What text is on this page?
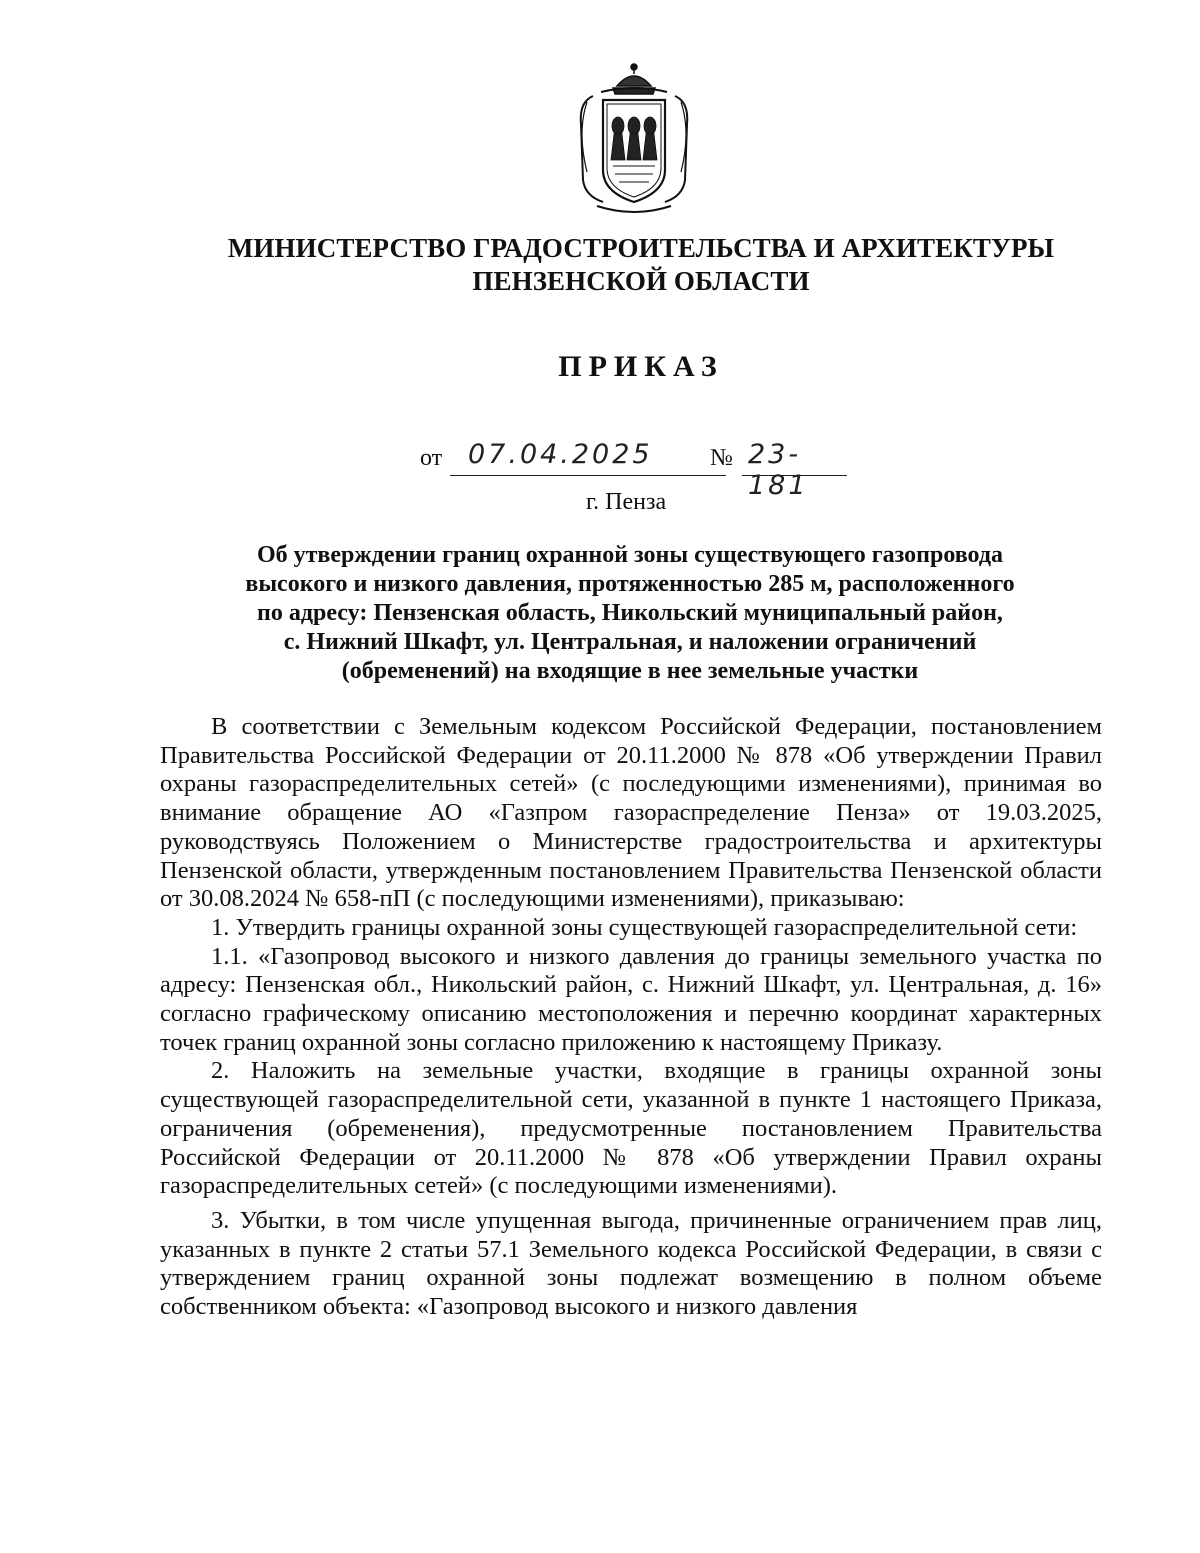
МИНИСТЕРСТВО ГРАДОСТРОИТЕЛЬСТВА И АРХИТЕКТУРЫ
ПЕНЗЕНСКОЙ ОБЛАСТИ
ПРИКАЗ
от 07.04.2025 № 23-181
г. Пенза
Об утверждении границ охранной зоны существующего газопровода
высокого и низкого давления, протяженностью 285 м, расположенного
по адресу: Пензенская область, Никольский муниципальный район,
с. Нижний Шкафт, ул. Центральная, и наложении ограничений
(обременений) на входящие в нее земельные участки

В соответствии с Земельным кодексом Российской Федерации, постановлением Правительства Российской Федерации от 20.11.2000 № 878 «Об утверждении Правил охраны газораспределительных сетей» (с последующими изменениями), принимая во внимание обращение АО «Газпром газораспределение Пенза» от 19.03.2025, руководствуясь Положением о Министерстве градостроительства и архитектуры Пензенской области, утвержденным постановлением Правительства Пензенской области от 30.08.2024 № 658-пП (с последующими изменениями), приказываю:

1. Утвердить границы охранной зоны существующей газораспределительной сети:

1.1. «Газопровод высокого и низкого давления до границы земельного участка по адресу: Пензенская обл., Никольский район, с. Нижний Шкафт, ул. Центральная, д. 16» согласно графическому описанию местоположения и перечню координат характерных точек границ охранной зоны согласно приложению к настоящему Приказу.

2. Наложить на земельные участки, входящие в границы охранной зоны существующей газораспределительной сети, указанной в пункте 1 настоящего Приказа, ограничения (обременения), предусмотренные постановлением Правительства Российской Федерации от 20.11.2000 № 878 «Об утверждении Правил охраны газораспределительных сетей» (с последующими изменениями).

3. Убытки, в том числе упущенная выгода, причиненные ограничением прав лиц, указанных в пункте 2 статьи 57.1 Земельного кодекса Российской Федерации, в связи с утверждением границ охранной зоны подлежат возмещению в полном объеме собственником объекта: «Газопровод высокого и низкого давления
